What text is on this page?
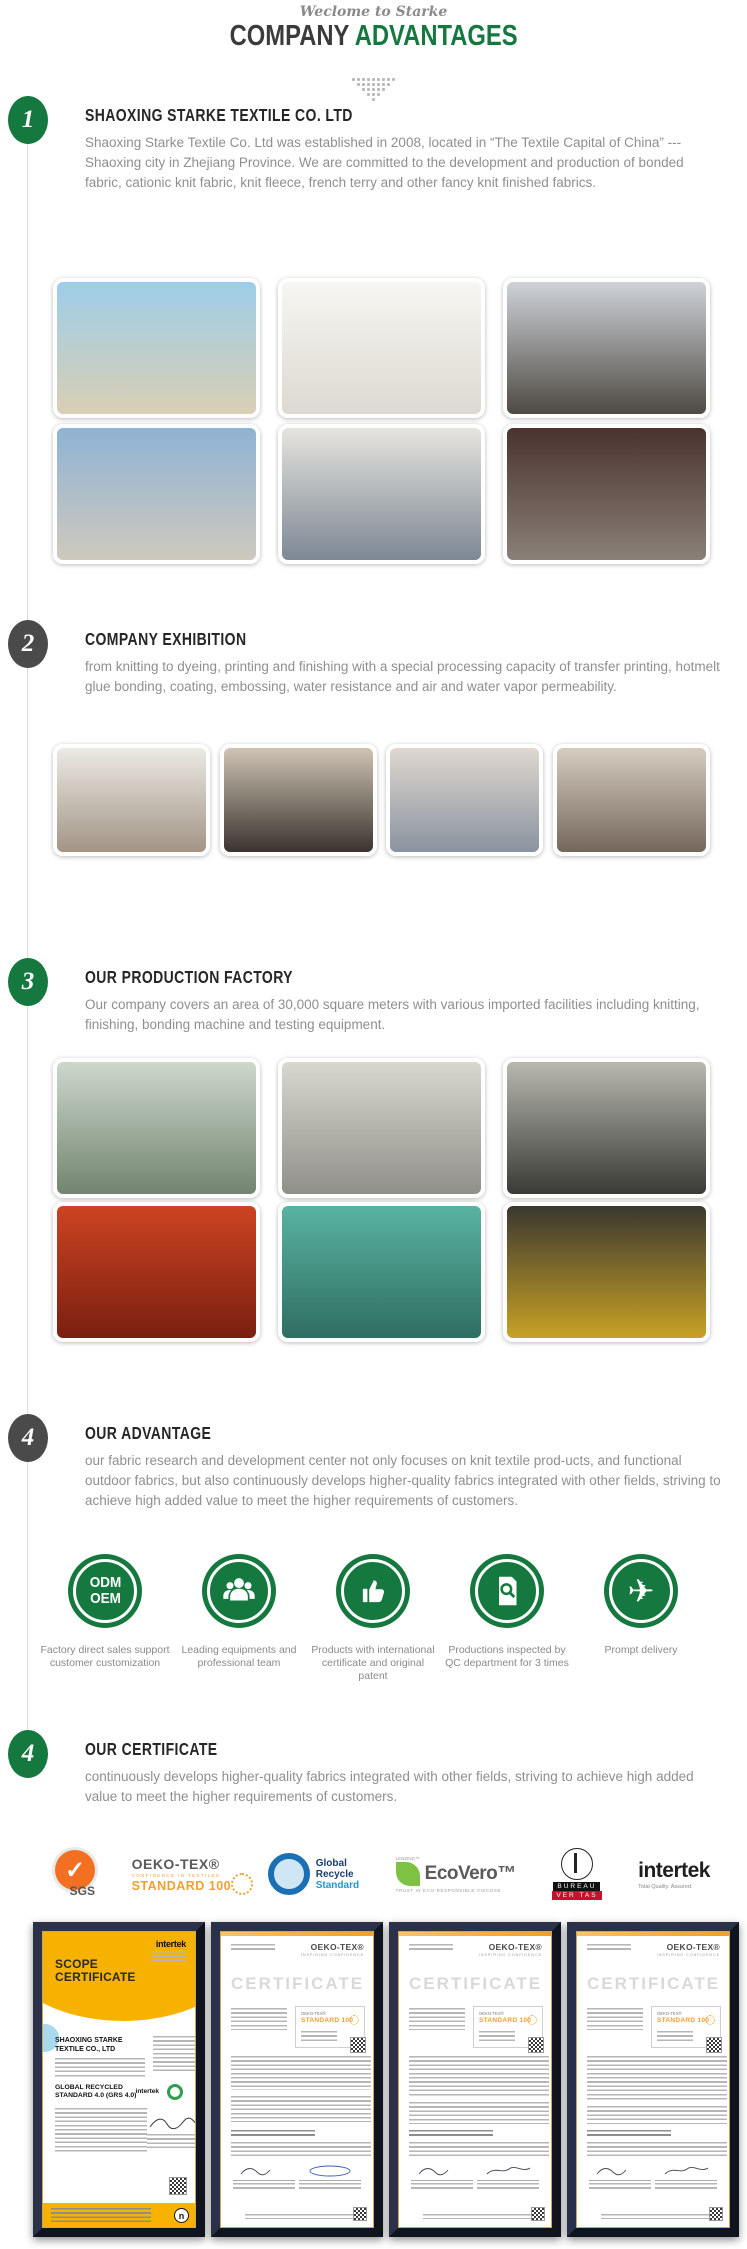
Weclome to Starke
COMPANY ADVANTAGES
1	SHAOXING STARKE TEXTILE CO. LTD

Shaoxing Starke Textile Co. Ltd was established in 2008, located in “The Textile Capital of China” ---Shaoxing city in Zhejiang Province. We are committed to the development and production of bonded fabric, cationic knit fabric, knit fleece, french terry and other fancy knit finished fabrics.

2	COMPANY EXHIBITION

from knitting to dyeing, printing and finishing with a special processing capacity of transfer printing, hotmelt glue bonding, coating, embossing, water resistance and air and water vapor permeability.

3	OUR PRODUCTION FACTORY

Our company covers an area of 30,000 square meters with various imported facilities including knitting, finishing, bonding machine and testing equipment.

4	OUR ADVANTAGE

our fabric research and development center not only focuses on knit textile prod-ucts, and functional outdoor fabrics, but also continuously develops higher-quality fabrics integrated with other fields, striving to achieve high added value to meet the higher requirements of customers.

ODM
OEM
Factory direct sales support customer customization
Leading equipments and professional team
Products with international certificate and original patent
Productions inspected by QC department for 3 times
✈
Prompt delivery
4	OUR CERTIFICATE

continuously develops higher-quality fabrics integrated with other fields, striving to achieve high added value to meet the higher requirements of customers.

✓
SGS
OEKO-TEX®
CONFIDENCE IN TEXTILES
STANDARD 100
Global
Recycle
Standard
LENZING™
EcoVero™
TRUST IN ECO-RESPONSIBLE VISCOSE	BUREAU
VER TAS
intertek
Total Quality. Assured.
intertek
SCOPE CERTIFICATE
SHAOXING STARKE TEXTILE CO., LTD
GLOBAL RECYCLED STANDARD 4.0 (GRS 4.0)
intertek
n
OEKO-TEX®
INSPIRING CONFIDENCE
CERTIFICATE
OEKO-TEX®
STANDARD 100
OEKO-TEX®
INSPIRING CONFIDENCE
CERTIFICATE
OEKO-TEX®
STANDARD 100
OEKO-TEX®
INSPIRING CONFIDENCE
CERTIFICATE
OEKO-TEX®
STANDARD 100
